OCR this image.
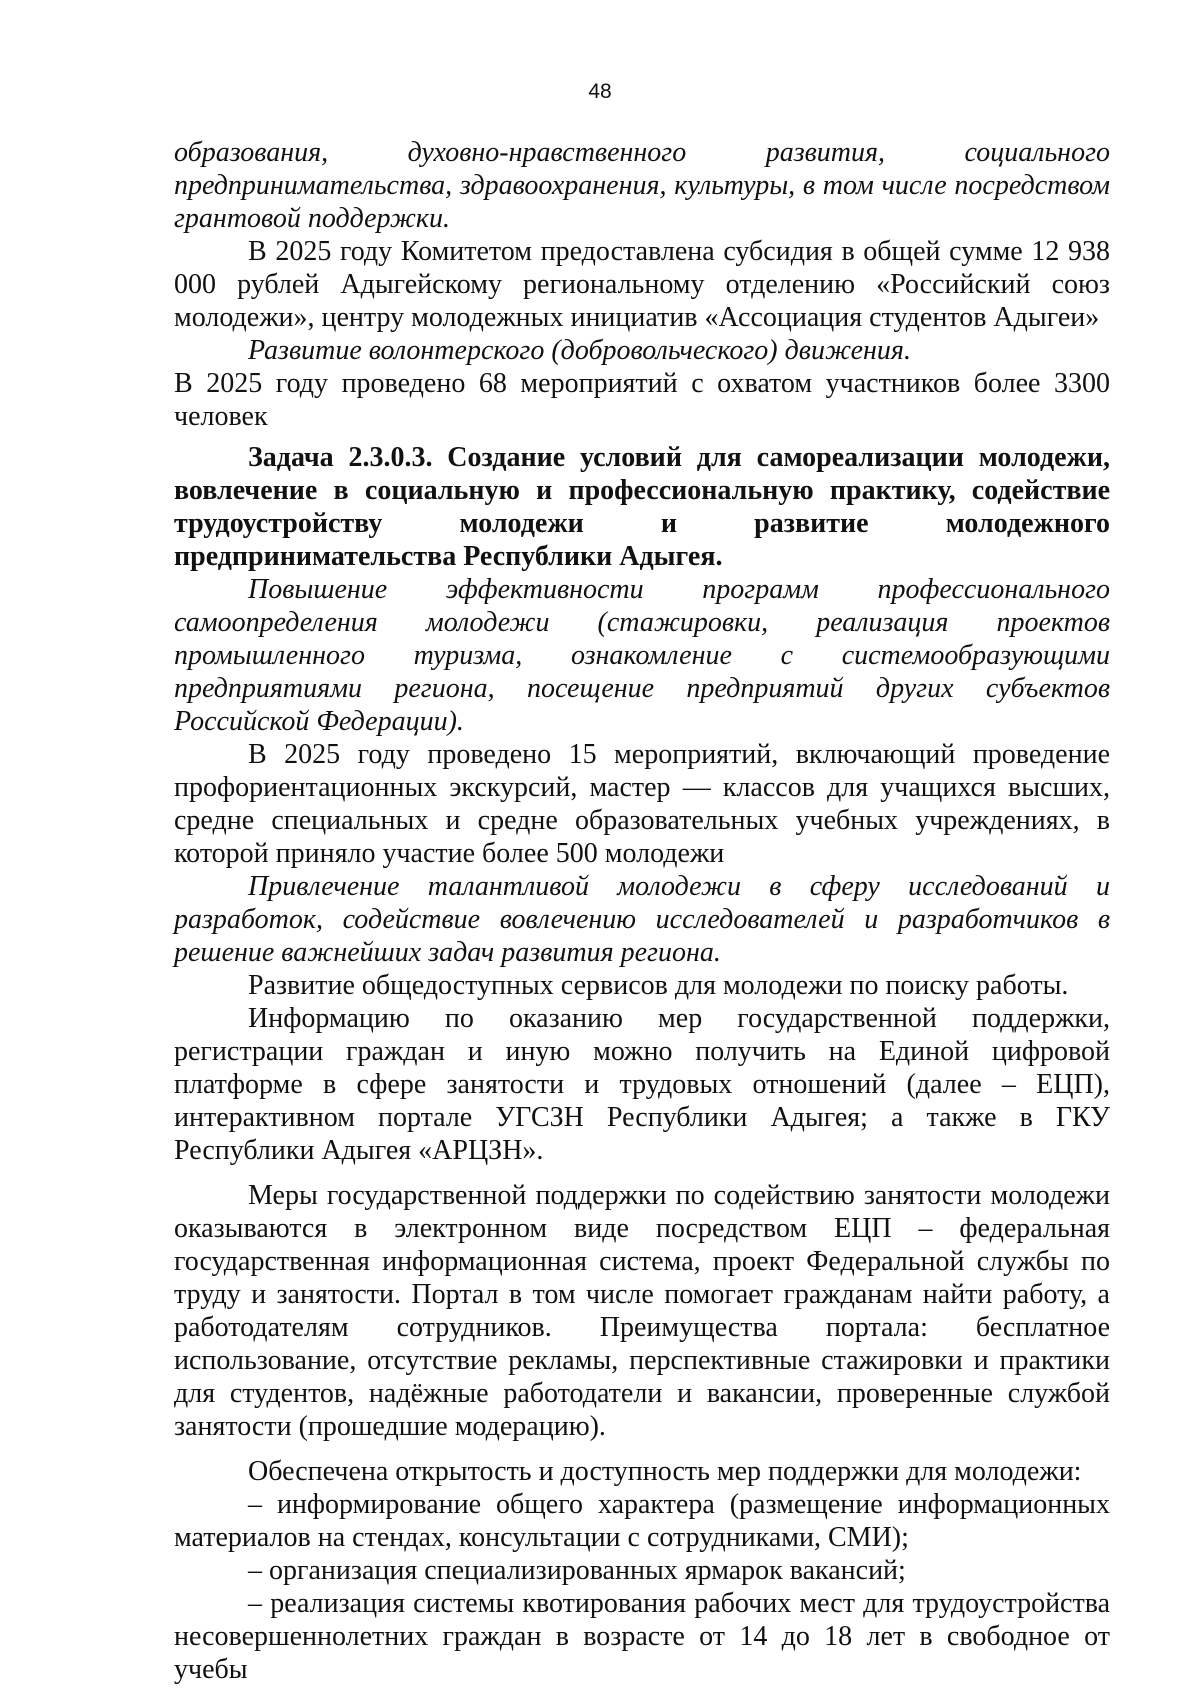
48

образования, духовно-нравственного развития, социального предпринимательства, здравоохранения, культуры, в том числе посредством грантовой поддержки.

В 2025 году Комитетом предоставлена субсидия в общей сумме 12 938 000 рублей Адыгейскому региональному отделению «Российский союз молодежи», центру молодежных инициатив «Ассоциация студентов Адыгеи»

Развитие волонтерского (добровольческого) движения.

В 2025 году проведено 68 мероприятий с охватом участников более 3300 человек

Задача 2.3.0.3. Создание условий для самореализации молодежи, вовлечение в социальную и профессиональную практику, содействие трудоустройству молодежи и развитие молодежного предпринимательства Республики Адыгея.

Повышение эффективности программ профессионального самоопределения молодежи (стажировки, реализация проектов промышленного туризма, ознакомление с системообразующими предприятиями региона, посещение предприятий других субъектов Российской Федерации).

В 2025 году проведено 15 мероприятий, включающий проведение профориентационных экскурсий, мастер — классов для учащихся высших, средне специальных и средне образовательных учебных учреждениях, в которой приняло участие более 500 молодежи

Привлечение талантливой молодежи в сферу исследований и разработок, содействие вовлечению исследователей и разработчиков в решение важнейших задач развития региона.

Развитие общедоступных сервисов для молодежи по поиску работы.

Информацию по оказанию мер государственной поддержки, регистрации граждан и иную можно получить на Единой цифровой платформе в сфере занятости и трудовых отношений (далее – ЕЦП), интерактивном портале УГСЗН Республики Адыгея; а также в ГКУ Республики Адыгея «АРЦЗН».

Меры государственной поддержки по содействию занятости молодежи оказываются в электронном виде посредством ЕЦП – федеральная государственная информационная система, проект Федеральной службы по труду и занятости. Портал в том числе помогает гражданам найти работу, а работодателям сотрудников. Преимущества портала: бесплатное использование, отсутствие рекламы, перспективные стажировки и практики для студентов, надёжные работодатели и вакансии, проверенные службой занятости (прошедшие модерацию).

Обеспечена открытость и доступность мер поддержки для молодежи:

– информирование общего характера (размещение информационных материалов на стендах, консультации с сотрудниками, СМИ);

– организация специализированных ярмарок вакансий;

– реализация системы квотирования рабочих мест для трудоустройства несовершеннолетних граждан в возрасте от 14 до 18 лет в свободное от учебы
